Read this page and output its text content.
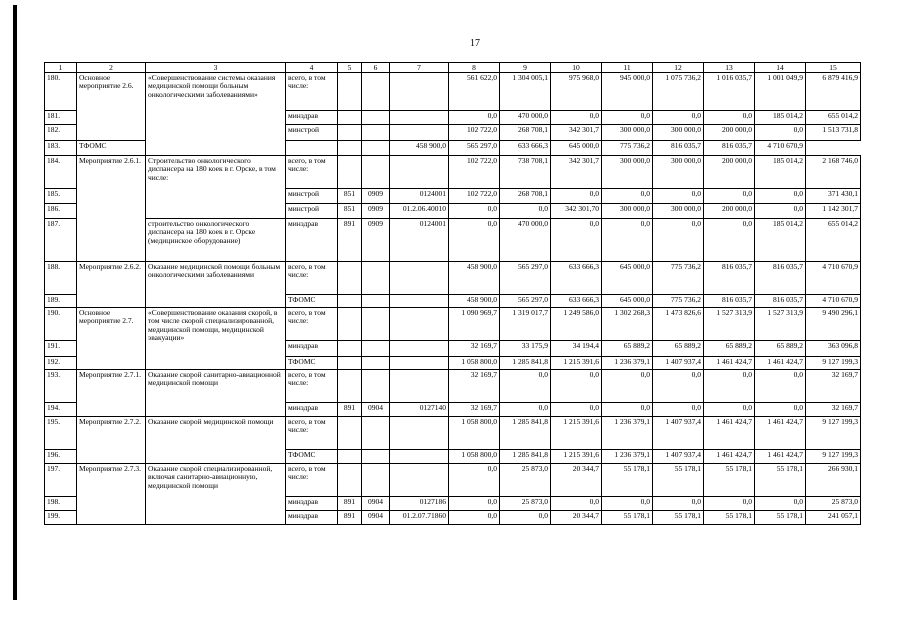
17
1	2	3	4	5	6	7	8	9	10	11	12	13	14	15
180.	Основное мероприятие 2.6.	«Совершенствование системы оказания медицинской помощи больным онкологическими заболеваниями»	всего, в том числе:				561 622,0	1 304 005,1	975 968,0	945 000,0	1 075 736,2	1 016 035,7	1 001 049,9	6 879 416,9
181.			минздрав				0,0	470 000,0	0,0	0,0	0,0	0,0	185 014,2	655 014,2
182.			минстрой				102 722,0	268 708,1	342 301,7	300 000,0	300 000,0	200 000,0	0,0	1 513 731,8
183.	ТФОМС					458 900,0	565 297,0	633 666,3	645 000,0	775 736,2	816 035,7	816 035,7	4 710 670,9	
184.	Мероприятие 2.6.1.	Строительство онкологического диспансера на 180 коек в г. Орске, в том числе:	всего, в том числе:				102 722,0	738 708,1	342 301,7	300 000,0	300 000,0	200 000,0	185 014,2	2 168 746,0
185.			минстрой	851	0909	0124001	102 722,0	268 708,1	0,0	0,0	0,0	0,0	0,0	371 430,1
186.			минстрой	851	0909	01.2.06.40010	0,0	0,0	342 301,70	300 000,0	300 000,0	200 000,0	0,0	1 142 301,7
187.		строительство онкологического диспансера на 180 коек в г. Орске (медицинское оборудование)	минздрав	891	0909	0124001	0,0	470 000,0	0,0	0,0	0,0	0,0	185 014,2	655 014,2
188.	Мероприятие 2.6.2.	Оказание медицинской помощи больным онкологическими заболеваниями	всего, в том числе:				458 900,0	565 297,0	633 666,3	645 000,0	775 736,2	816 035,7	816 035,7	4 710 670,9
189.			ТФОМС				458 900,0	565 297,0	633 666,3	645 000,0	775 736,2	816 035,7	816 035,7	4 710 670,9
190.	Основное мероприятие 2.7.	«Совершенствование оказания скорой, в том числе скорой специализированной, медицинской помощи, медицинской эвакуации»	всего, в том числе:				1 090 969,7	1 319 017,7	1 249 586,0	1 302 268,3	1 473 826,6	1 527 313,9	1 527 313,9	9 490 296,1
191.			минздрав				32 169,7	33 175,9	34 194,4	65 889,2	65 889,2	65 889,2	65 889,2	363 096,8
192.			ТФОМС				1 058 800,0	1 285 841,8	1 215 391,6	1 236 379,1	1 407 937,4	1 461 424,7	1 461 424,7	9 127 199,3
193.	Мероприятие 2.7.1.	Оказание скорой санитарно-авиационной медицинской помощи	всего, в том числе:				32 169,7	0,0	0,0	0,0	0,0	0,0	0,0	32 169,7
194.			минздрав	891	0904	0127140	32 169,7	0,0	0,0	0,0	0,0	0,0	0,0	32 169,7
195.	Мероприятие 2.7.2.	Оказание скорой медицинской помощи	всего, в том числе:				1 058 800,0	1 285 841,8	1 215 391,6	1 236 379,1	1 407 937,4	1 461 424,7	1 461 424,7	9 127 199,3
196.			ТФОМС				1 058 800,0	1 285 841,8	1 215 391,6	1 236 379,1	1 407 937,4	1 461 424,7	1 461 424,7	9 127 199,3
197.	Мероприятие 2.7.3.	Оказание скорой специализированной, включая санитарно-авиационную, медицинской помощи	всего, в том числе:				0,0	25 873,0	20 344,7	55 178,1	55 178,1	55 178,1	55 178,1	266 930,1
198.			минздрав	891	0904	0127186	0,0	25 873,0	0,0	0,0	0,0	0,0	0,0	25 873,0
199.			минздрав	891	0904	01.2.07.71860	0,0	0,0	20 344,7	55 178,1	55 178,1	55 178,1	55 178,1	241 057,1
